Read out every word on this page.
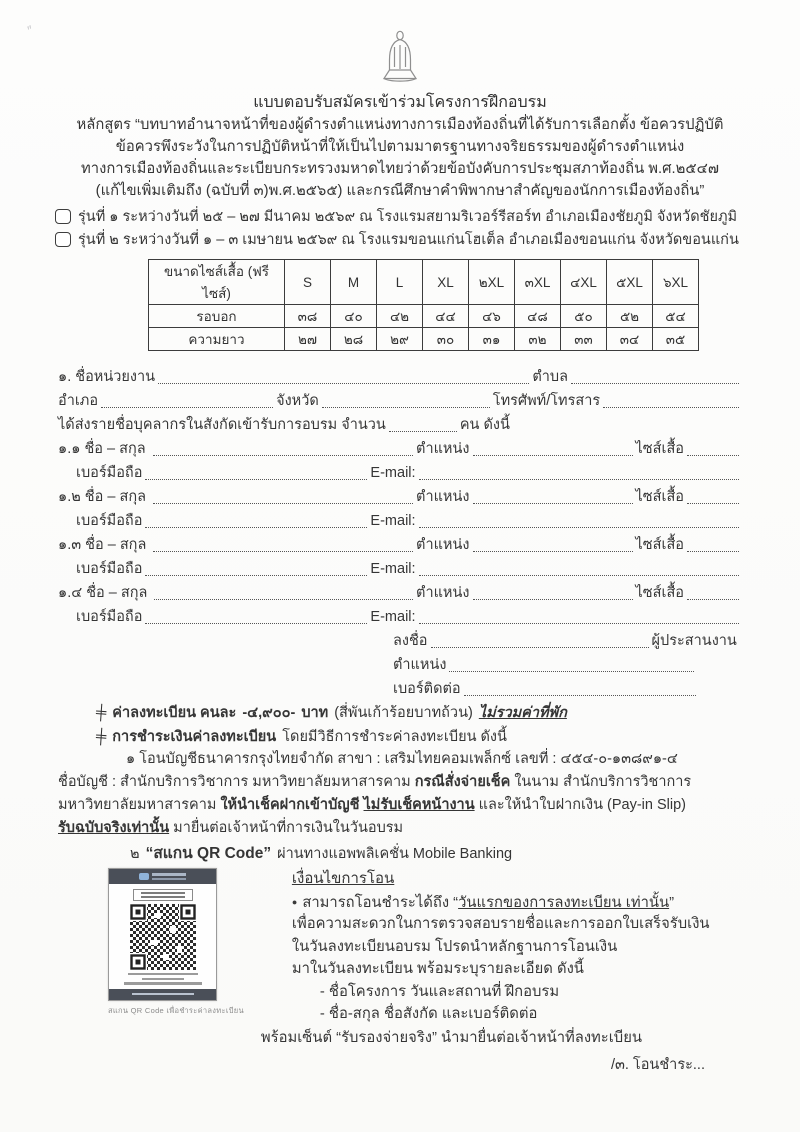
″
แบบตอบรับสมัครเข้าร่วมโครงการฝึกอบรม
หลักสูตร “บทบาทอำนาจหน้าที่ของผู้ดำรงตำแหน่งทางการเมืองท้องถิ่นที่ได้รับการเลือกตั้ง ข้อควรปฏิบัติ
ข้อควรพึงระวังในการปฏิบัติหน้าที่ให้เป็นไปตามมาตรฐานทางจริยธรรมของผู้ดำรงตำแหน่ง
ทางการเมืองท้องถิ่นและระเบียบกระทรวงมหาดไทยว่าด้วยข้อบังคับการประชุมสภาท้องถิ่น พ.ศ.๒๕๔๗
(แก้ไขเพิ่มเติมถึง (ฉบับที่ ๓)พ.ศ.๒๕๖๕) และกรณีศึกษาคำพิพากษาสำคัญของนักการเมืองท้องถิ่น”
รุ่นที่ ๑ ระหว่างวันที่ ๒๕ – ๒๗ มีนาคม ๒๕๖๙ ณ โรงแรมสยามริเวอร์รีสอร์ท อำเภอเมืองชัยภูมิ จังหวัดชัยภูมิ
รุ่นที่ ๒ ระหว่างวันที่ ๑ – ๓ เมษายน ๒๕๖๙ ณ โรงแรมขอนแก่นโฮเต็ล อำเภอเมืองขอนแก่น จังหวัดขอนแก่น
ขนาดไซส์เสื้อ (ฟรีไซส์)	S	M	L	XL	๒XL	๓XL	๔XL	๕XL	๖XL
รอบอก	๓๘	๔๐	๔๒	๔๔	๔๖	๔๘	๕๐	๕๒	๕๔
ความยาว	๒๗	๒๘	๒๙	๓๐	๓๑	๓๒	๓๓	๓๔	๓๕
๑. ชื่อหน่วยงาน	ตำบล
อำเภอ	จังหวัด	โทรศัพท์/โทรสาร
ได้ส่งรายชื่อบุคลากรในสังกัดเข้ารับการอบรม จำนวน	คน ดังนี้
๑.๑ ชื่อ – สกุล	ตำแหน่ง	ไซส์เสื้อ
เบอร์มือถือ	E-mail:
๑.๒ ชื่อ – สกุล	ตำแหน่ง	ไซส์เสื้อ
เบอร์มือถือ	E-mail:
๑.๓ ชื่อ – สกุล	ตำแหน่ง	ไซส์เสื้อ
เบอร์มือถือ	E-mail:
๑.๔ ชื่อ – สกุล	ตำแหน่ง	ไซส์เสื้อ
เบอร์มือถือ	E-mail:
ลงชื่อ	ผู้ประสานงาน
ตำแหน่ง
เบอร์ติดต่อ
╪ ค่าลงทะเบียน คนละ -๔,๙๐๐- บาท (สี่พันเก้าร้อยบาทถ้วน) ไม่รวมค่าที่พัก
╪ การชำระเงินค่าลงทะเบียน โดยมีวิธีการชำระค่าลงทะเบียน ดังนี้
๑ โอนบัญชีธนาคารกรุงไทยจำกัด สาขา : เสริมไทยคอมเพล็กซ์ เลขที่ : ๔๕๔-๐-๑๓๘๙๑-๔
ชื่อบัญชี : สำนักบริการวิชาการ มหาวิทยาลัยมหาสารคาม กรณีสั่งจ่ายเช็ค ในนาม สำนักบริการวิชาการ
มหาวิทยาลัยมหาสารคาม ให้นำเช็คฝากเข้าบัญชี ไม่รับเช็คหน้างาน และให้นำใบฝากเงิน (Pay-in Slip)
รับฉบับจริงเท่านั้น มายื่นต่อเจ้าหน้าที่การเงินในวันอบรม
๒ “สแกน QR Code” ผ่านทางแอพพลิเคชั่น Mobile Banking
สแกน QR Code เพื่อชำระค่าลงทะเบียน
เงื่อนไขการโอน
● สามารถโอนชำระได้ถึง “วันแรกของการลงทะเบียน เท่านั้น”
เพื่อความสะดวกในการตรวจสอบรายชื่อและการออกใบเสร็จรับเงิน
ในวันลงทะเบียนอบรม โปรดนำหลักฐานการโอนเงิน
มาในวันลงทะเบียน พร้อมระบุรายละเอียด ดังนี้
- ชื่อโครงการ วันและสถานที่ ฝึกอบรม
- ชื่อ-สกุล ชื่อสังกัด และเบอร์ติดต่อ
พร้อมเซ็นต์ “รับรองจ่ายจริง” นำมายื่นต่อเจ้าหน้าที่ลงทะเบียน
/๓. โอนชำระ...
